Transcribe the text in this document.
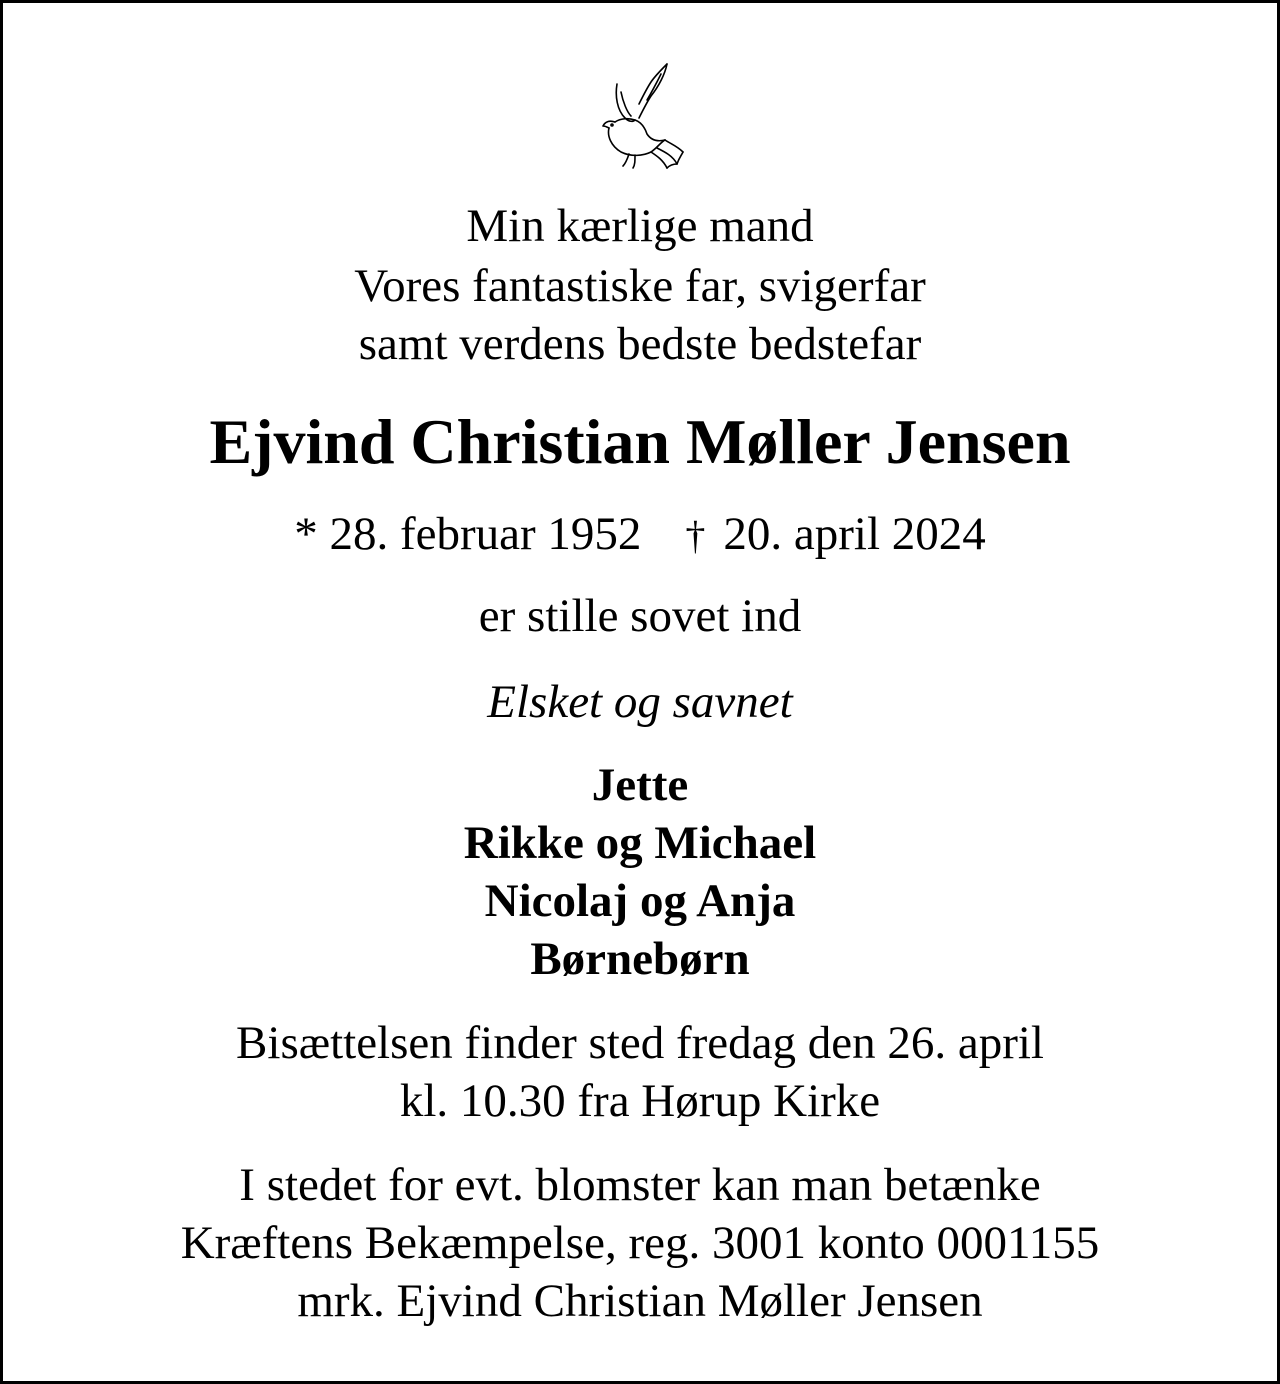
Min kærlige mand
Vores fantastiske far, svigerfar
samt verdens bedste bedstefar
Ejvind Christian Møller Jensen
* 28. februar 1952 † 20. april 2024
er stille sovet ind
Elsket og savnet
Jette
Rikke og Michael
Nicolaj og Anja
Børnebørn
Bisættelsen finder sted fredag den 26. april
kl. 10.30 fra Hørup Kirke
I stedet for evt. blomster kan man betænke
Kræftens Bekæmpelse, reg. 3001 konto 0001155
mrk. Ejvind Christian Møller Jensen
